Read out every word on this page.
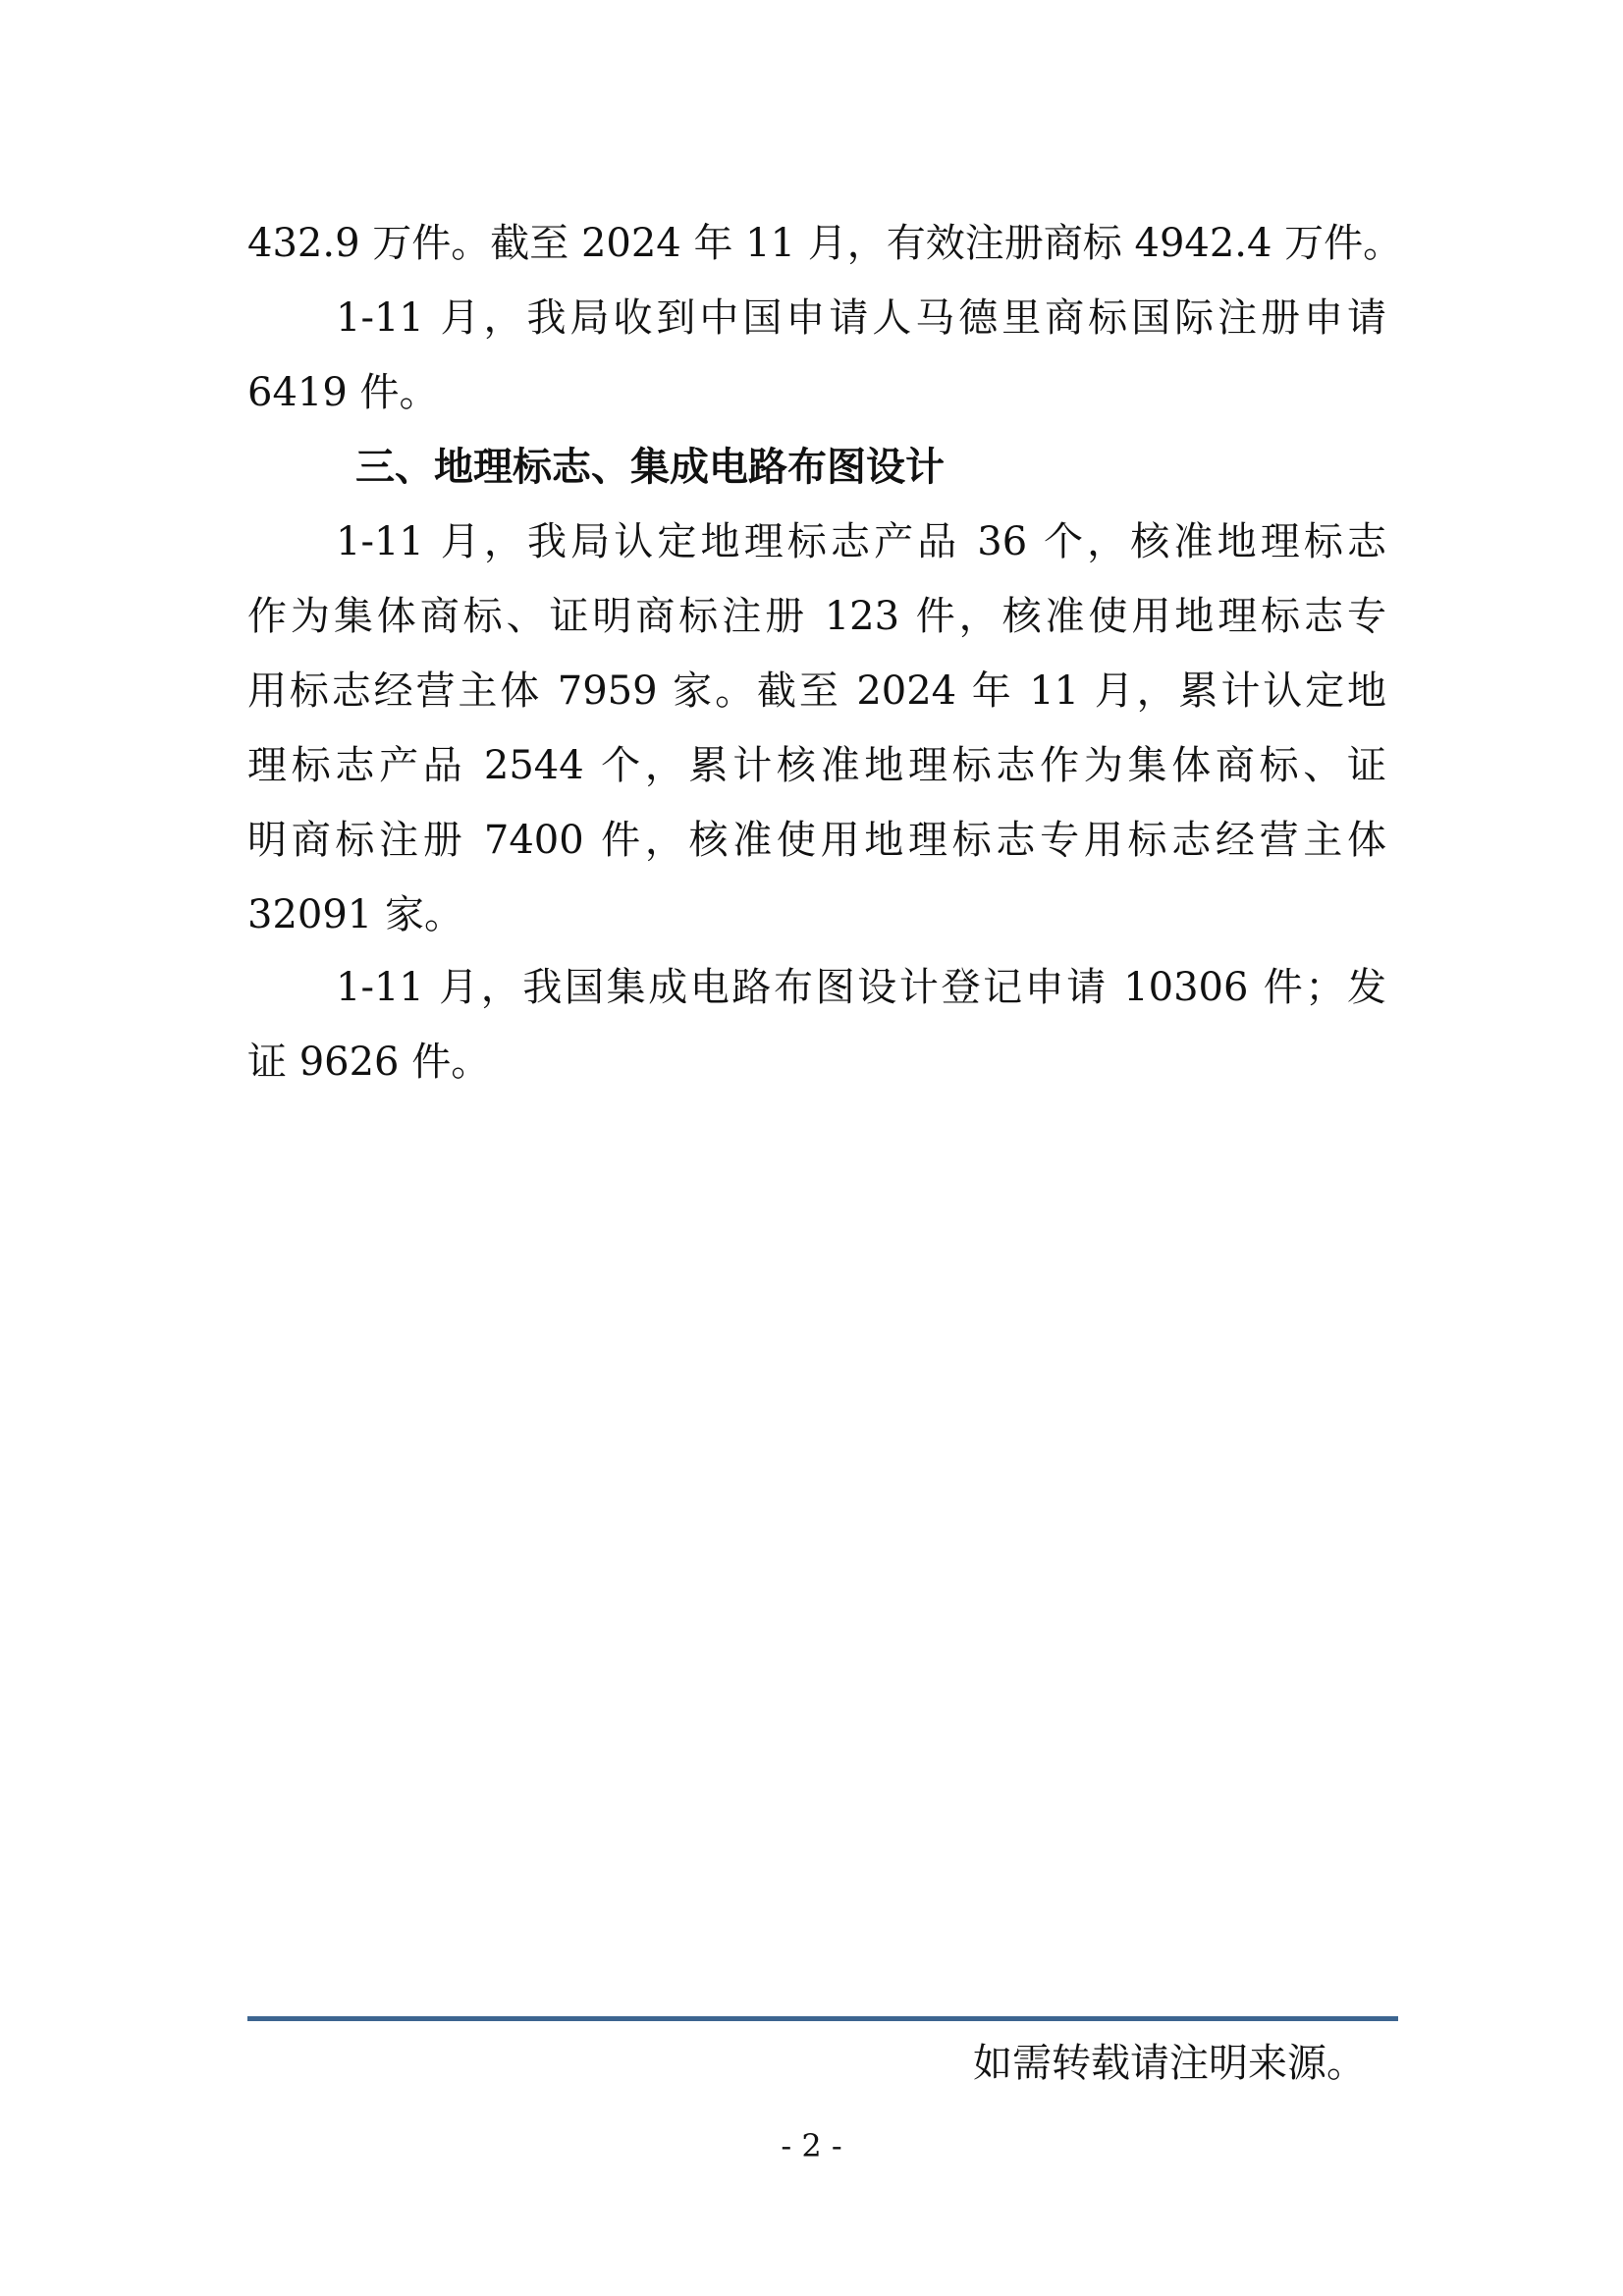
432.9 万件。截至 2024 年 11 月，有效注册商标 4942.4 万件。
1-11 月，我局收到中国申请人马德里商标国际注册申请
6419 件。
三、地理标志、集成电路布图设计
1-11 月，我局认定地理标志产品 36 个，核准地理标志
作为集体商标、证明商标注册 123 件，核准使用地理标志专
用标志经营主体 7959 家。截至 2024 年 11 月，累计认定地
理标志产品 2544 个，累计核准地理标志作为集体商标、证
明商标注册 7400 件，核准使用地理标志专用标志经营主体
32091 家。
1-11 月，我国集成电路布图设计登记申请 10306 件；发
证 9626 件。
如需转载请注明来源。
- 2 -
